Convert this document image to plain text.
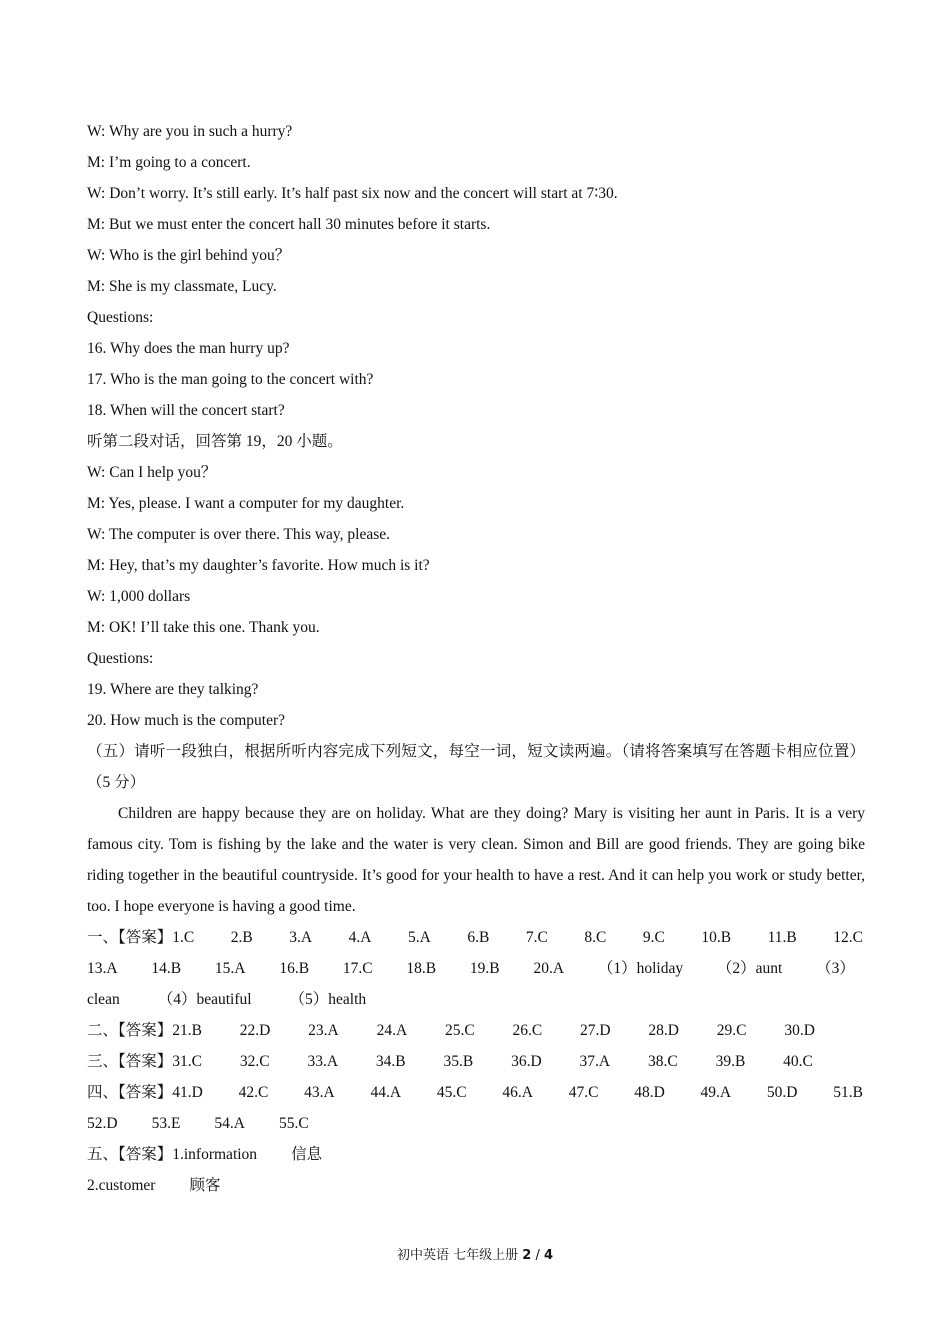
W: Why are you in such a hurry?
M: I’m going to a concert.
W: Don’t worry. It’s still early. It’s half past six now and the concert will start at 7∶30.
M: But we must enter the concert hall 30 minutes before it starts.
W: Who is the girl behind you？
M: She is my classmate, Lucy.
Questions:
16. Why does the man hurry up?
17. Who is the man going to the concert with?
18. When will the concert start?
听第二段对话，回答第 19，20 小题。
W: Can I help you？
M: Yes, please. I want a computer for my daughter.
W: The computer is over there. This way, please.
M: Hey, that’s my daughter’s favorite. How much is it?
W: 1,000 dollars
M: OK! I’ll take this one. Thank you.
Questions:
19. Where are they talking?
20. How much is the computer?
（五）请听一段独白，根据所听内容完成下列短文，每空一词，短文读两遍。（请将答案填写在答题卡相应位置）（5 分）
Children are happy because they are on holiday. What are they doing? Mary is visiting her aunt in Paris. It is a very famous city. Tom is fishing by the lake and the water is very clean. Simon and Bill are good friends. They are going bike riding together in the beautiful countryside. It’s good for your health to have a rest. And it can help you work or study better, too. I hope everyone is having a good time.
一、【答案】1.C 2.B 3.A 4.A 5.A 6.B 7.C 8.C 9.C 10.B 11.B 12.C
13.A 14.B 15.A 16.B 17.C 18.B 19.B 20.A （1）holiday （2）aunt （3）
clean （4）beautiful （5）health
二、【答案】21.B 22.D 23.A 24.A 25.C 26.C 27.D 28.D 29.C 30.D
三、【答案】31.C 32.C 33.A 34.B 35.B 36.D 37.A 38.C 39.B 40.C
四、【答案】41.D 42.C 43.A 44.A 45.C 46.A 47.C 48.D 49.A 50.D 51.B
52.D 53.E 54.A 55.C
五、【答案】1.information 信息
2.customer 顾客
初中英语 七年级上册 2 / 4
